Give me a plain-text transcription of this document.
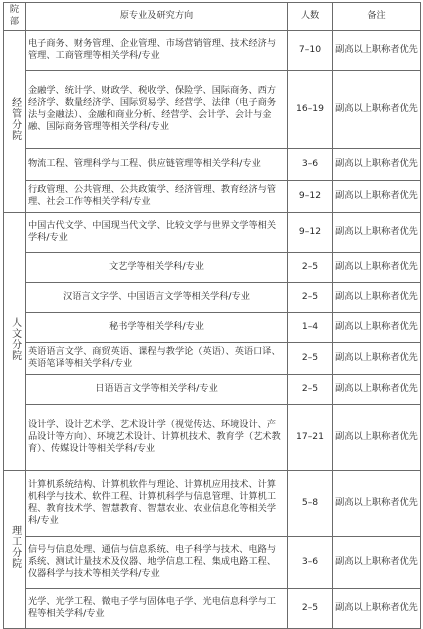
院部	原专业及研究方向	人数	备注
经管分院	电子商务、财务管理、企业管理、市场营销管理、技术经济与管理、工商管理等相关学科/专业	7–10	副高以上职称者优先
	金融学、统计学、财政学、税收学、保险学、国际商务、西方经济学、数量经济学、国际贸易学、经营学、法律（电子商务法与金融法）、金融和商业分析、经营学、会计学、会计与金融、国际商务管理等相关学科/专业	16–19	副高以上职称者优先
	物流工程、管理科学与工程、供应链管理等相关学科/专业	3–6	副高以上职称者优先
	行政管理、公共管理、公共政策学、经济管理、教育经济与管理、社会工作等相关学科/专业	9–12	副高以上职称者优先
人文分院	中国古代文学、中国现当代文学、比较文学与世界文学等相关学科/专业	9–12	副高以上职称者优先
	文艺学等相关学科/专业	2–5	副高以上职称者优先
	汉语言文字学、中国语言文学等相关学科/专业	2–5	副高以上职称者优先
	秘书学等相关学科/专业	1–4	副高以上职称者优先
	英语语言文学、商贸英语、课程与教学论（英语）、英语口译、英语笔译等相关学科/专业	2–5	副高以上职称者优先
	日语语言文学等相关学科/专业	2–5	副高以上职称者优先
	设计学、设计艺术学、艺术设计学（视觉传达、环境设计、产品设计等方向）、环境艺术设计、计算机技术、教育学（艺术教育）、传媒设计等相关学科/专业	17–21	副高以上职称者优先
理工分院	计算机系统结构、计算机软件与理论、计算机应用技术、计算机科学与技术、软件工程、计算机科学与信息管理、计算机工程、教育技术学、智慧教育、智慧农业、农业信息化等相关学科/专业	5–8	副高以上职称者优先
	信号与信息处理、通信与信息系统、电子科学与技术、电路与系统、测试计量技术及仪器、地学信息工程、集成电路工程、仪器科学与技术等相关学科/专业	3–6	副高以上职称者优先
	光学、光学工程、微电子学与固体电子学、光电信息科学与工程等相关学科/专业	2–5	副高以上职称者优先
